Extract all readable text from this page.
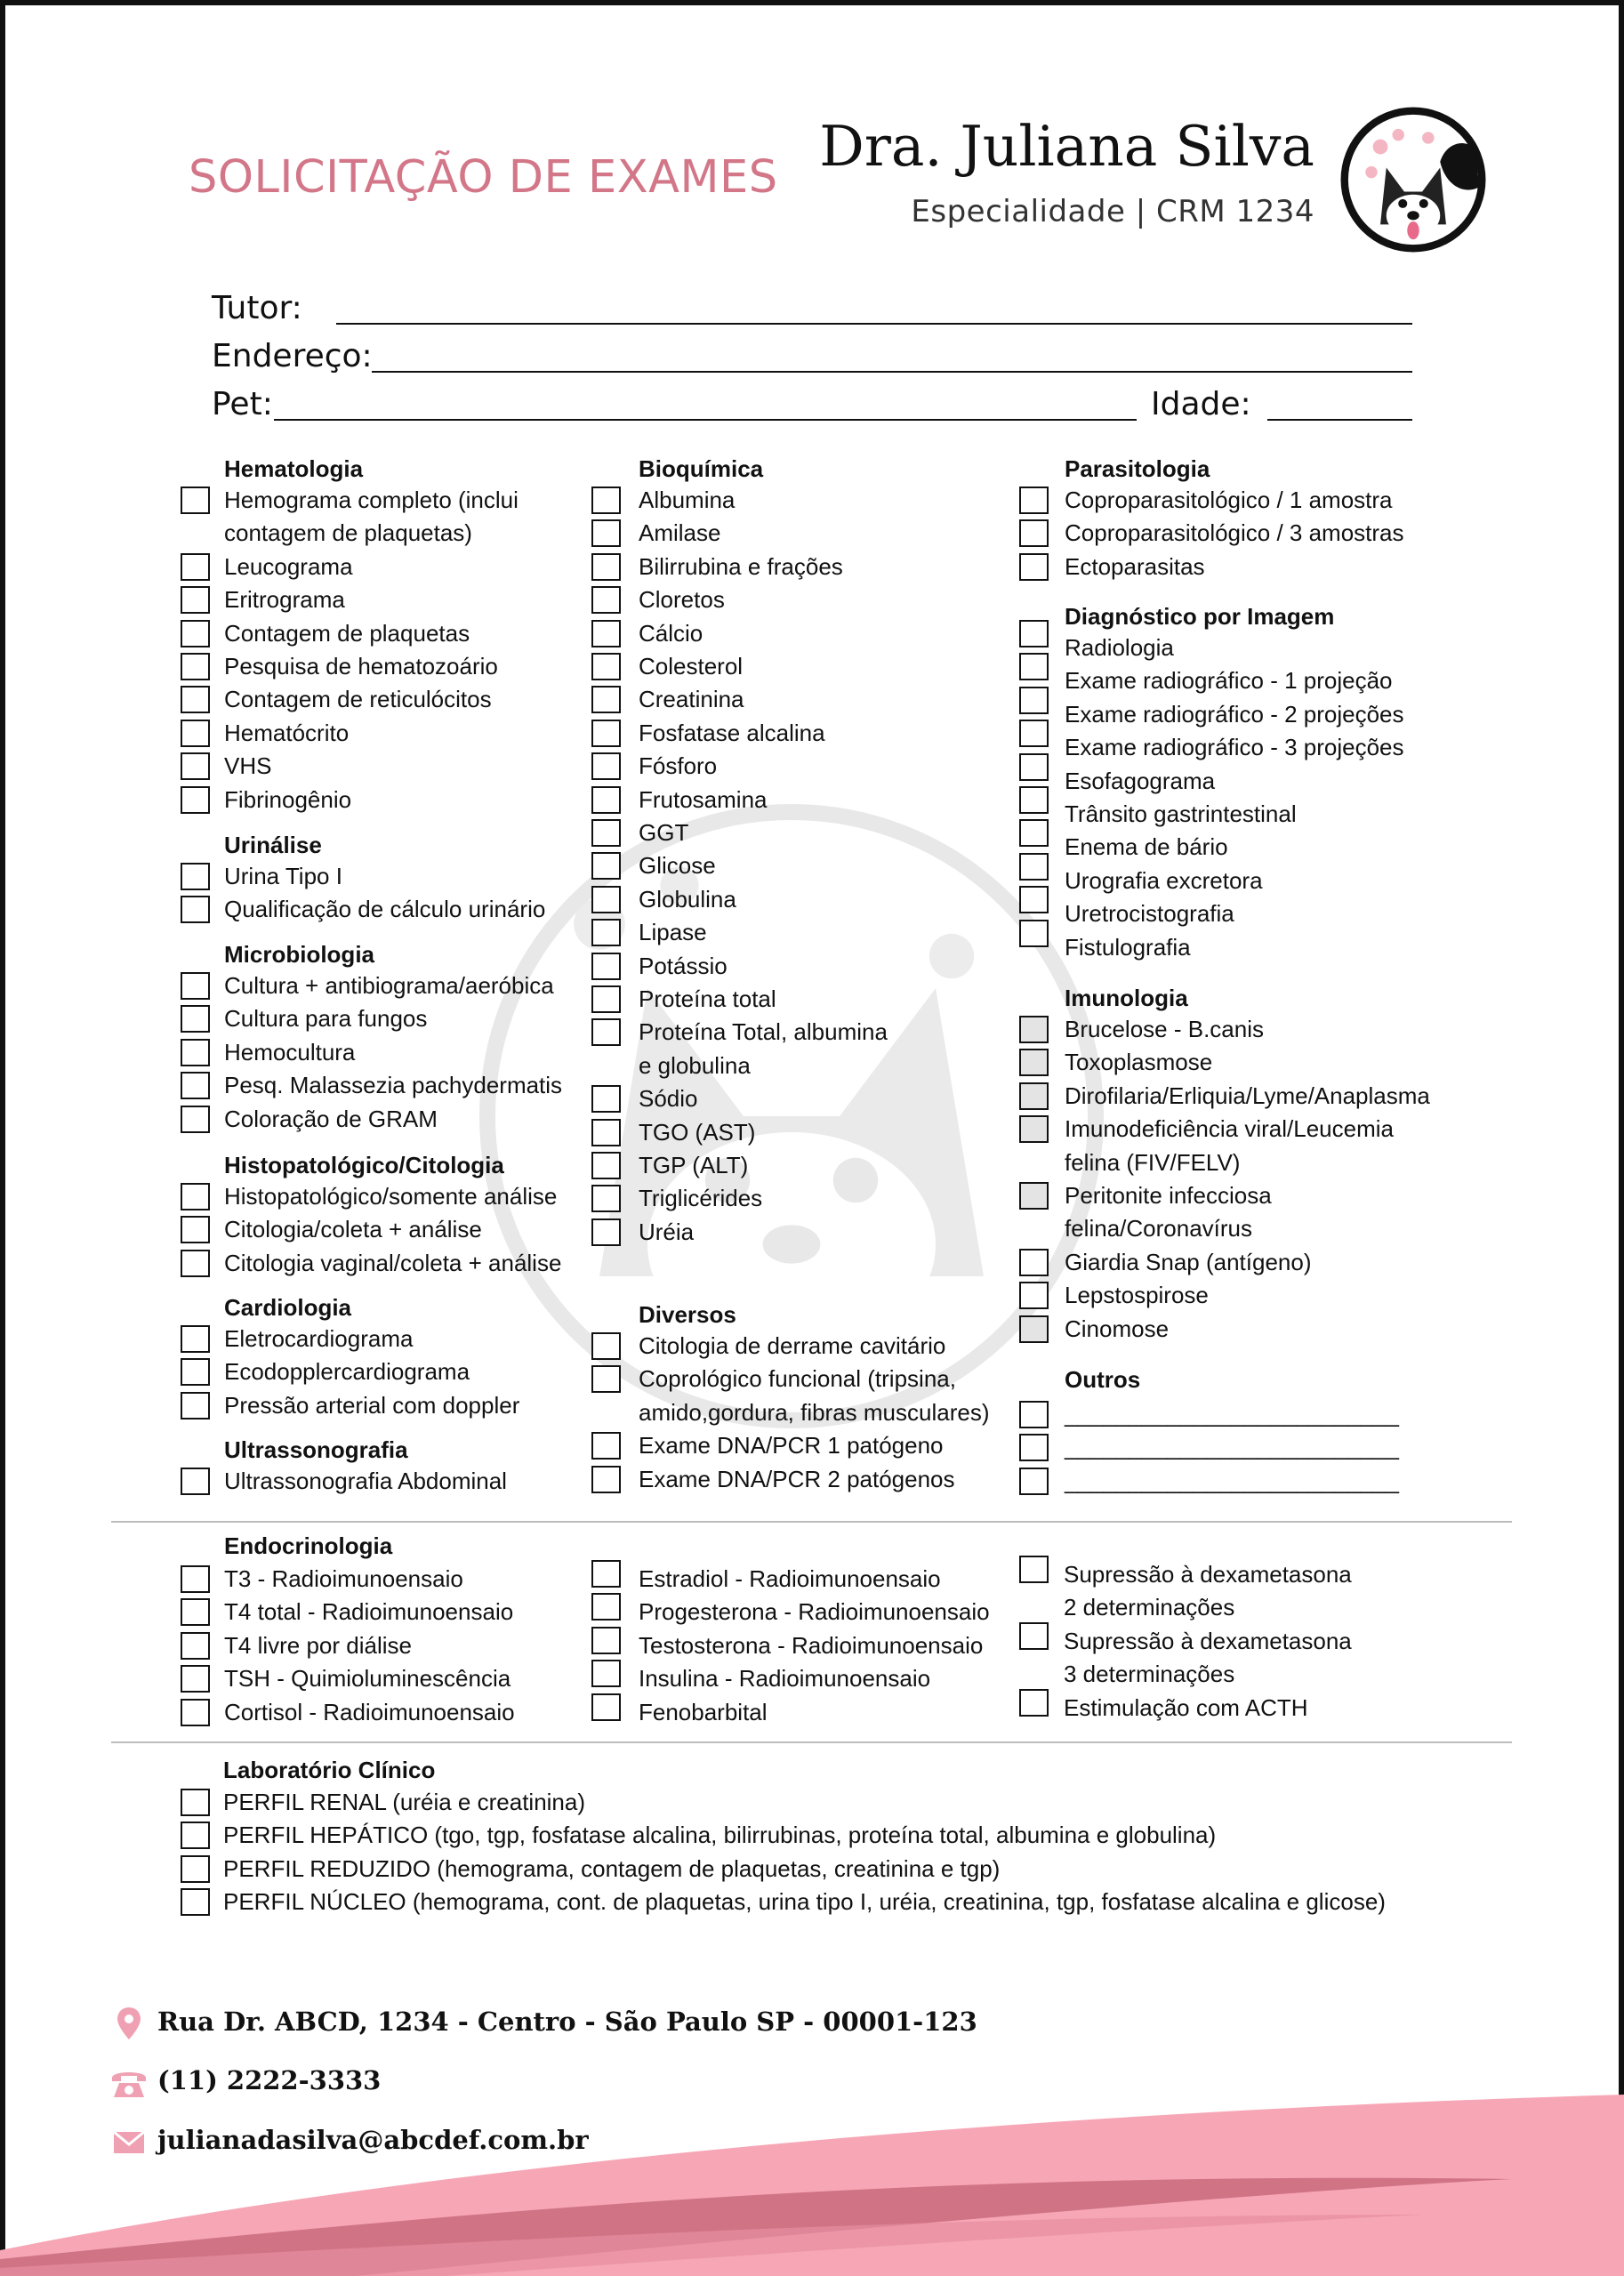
SOLICITAÇÃO DE EXAMES Dra. Juliana Silva
Especialidade | CRM 1234
Tutor:
Endereço:
Pet:	Idade:
Hematologia
Hemograma completo (inclui
contagem de plaquetas)
Leucograma
Eritrograma
Contagem de plaquetas
Pesquisa de hematozoário
Contagem de reticulócitos
Hematócrito
VHS
Fibrinogênio
Urinálise
Urina Tipo I
Qualificação de cálculo urinário
Microbiologia
Cultura + antibiograma/aeróbica
Cultura para fungos
Hemocultura
Pesq. Malassezia pachydermatis
Coloração de GRAM
Histopatológico/Citologia
Histopatológico/somente análise
Citologia/coleta + análise
Citologia vaginal/coleta + análise
Cardiologia
Eletrocardiograma
Ecodopplercardiograma
Pressão arterial com doppler
Ultrassonografia
Ultrassonografia Abdominal
Bioquímica
Albumina
Amilase
Bilirrubina e frações
Cloretos
Cálcio
Colesterol
Creatinina
Fosfatase alcalina
Fósforo
Frutosamina
GGT
Glicose
Globulina
Lipase
Potássio
Proteína total
Proteína Total, albumina
e globulina
Sódio
TGO (AST)
TGP (ALT)
Triglicérides
Uréia
Diversos
Citologia de derrame cavitário
Coprológico funcional (tripsina,
amido,gordura, fibras musculares)
Exame DNA/PCR 1 patógeno
Exame DNA/PCR 2 patógenos
Parasitologia
Coproparasitológico / 1 amostra
Coproparasitológico / 3 amostras
Ectoparasitas
Diagnóstico por Imagem
Radiologia
Exame radiográfico - 1 projeção
Exame radiográfico - 2 projeções
Exame radiográfico - 3 projeções
Esofagograma
Trânsito gastrintestinal
Enema de bário
Urografia excretora
Uretrocistografia
Fistulografia
Imunologia
Brucelose - B.canis
Toxoplasmose
Dirofilaria/Erliquia/Lyme/Anaplasma
Imunodeficiência viral/Leucemia
felina (FIV/FELV)
Peritonite infecciosa
felina/Coronavírus
Giardia Snap (antígeno)
Lepstospirose
Cinomose
Outros
__________________________
__________________________
__________________________
Laboratório Clínico
PERFIL RENAL (uréia e creatinina)
PERFIL HEPÁTICO (tgo, tgp, fosfatase alcalina, bilirrubinas, proteína total, albumina e globulina)
PERFIL REDUZIDO (hemograma, contagem de plaquetas, creatinina e tgp)
PERFIL NÚCLEO (hemograma, cont. de plaquetas, urina tipo I, uréia, creatinina, tgp, fosfatase alcalina e glicose)
Endocrinologia
T3 - Radioimunoensaio
T4 total - Radioimunoensaio
T4 livre por diálise
TSH - Quimioluminescência
Cortisol - Radioimunoensaio
Estradiol - Radioimunoensaio
Progesterona - Radioimunoensaio
Testosterona - Radioimunoensaio
Insulina - Radioimunoensaio
Fenobarbital
Supressão à dexametasona
2 determinações
Supressão à dexametasona
3 determinações
Estimulação com ACTH
Rua Dr. ABCD, 1234 - Centro - São Paulo SP - 00001-123
(11) 2222-3333
julianadasilva@abcdef.com.br
